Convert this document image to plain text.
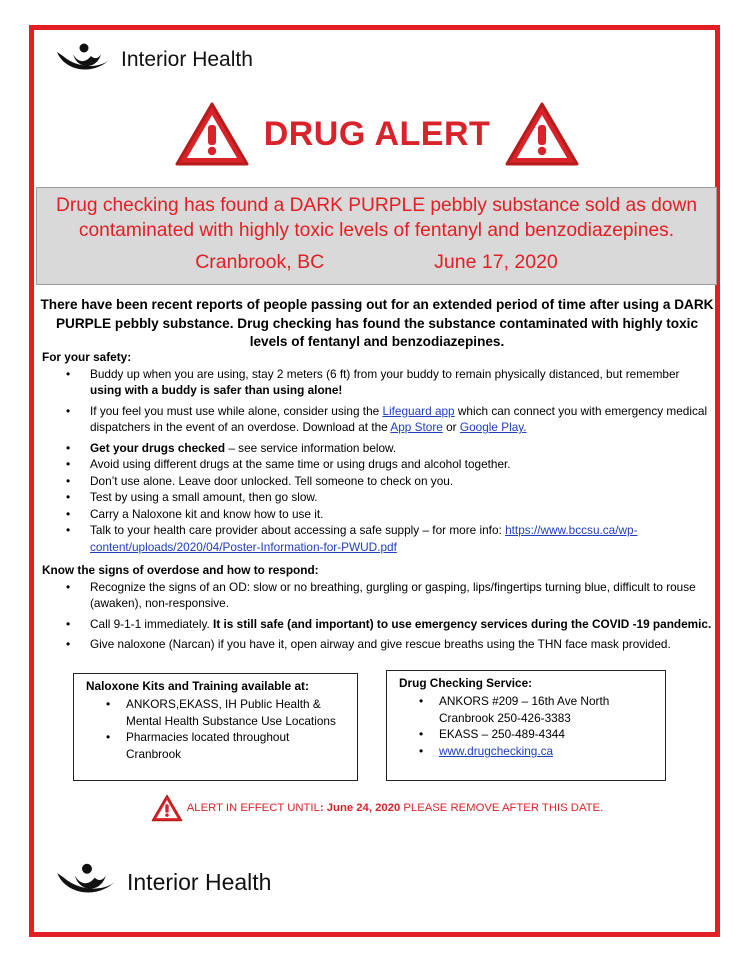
Interior Health
DRUG ALERT
Drug checking has found a DARK PURPLE pebbly substance sold as down
contaminated with highly toxic levels of fentanyl and benzodiazepines.
Cranbrook, BC	June 17, 2020
There have been recent reports of people passing out for an extended period of time after using a DARK PURPLE pebbly substance. Drug checking has found the substance contaminated with highly toxic levels of fentanyl and benzodiazepines.
For your safety:
• Buddy up when you are using, stay 2 meters (6 ft) from your buddy to remain physically distanced, but remember using with a buddy is safer than using alone!
• If you feel you must use while alone, consider using the Lifeguard app which can connect you with emergency medical dispatchers in the event of an overdose. Download at the App Store or Google Play.
• Get your drugs checked – see service information below.
• Avoid using different drugs at the same time or using drugs and alcohol together.
• Don’t use alone. Leave door unlocked. Tell someone to check on you.
• Test by using a small amount, then go slow.
• Carry a Naloxone kit and know how to use it.
• Talk to your health care provider about accessing a safe supply – for more info: https://www.bccsu.ca/wp-content/uploads/2020/04/Poster-Information-for-PWUD.pdf
Know the signs of overdose and how to respond:
• Recognize the signs of an OD: slow or no breathing, gurgling or gasping, lips/fingertips turning blue, difficult to rouse (awaken), non-responsive.
• Call 9-1-1 immediately. It is still safe (and important) to use emergency services during the COVID -19 pandemic.
• Give naloxone (Narcan) if you have it, open airway and give rescue breaths using the THN face mask provided.
Naloxone Kits and Training available at:
• ANKORS,EKASS, IH Public Health & Mental Health Substance Use Locations
• Pharmacies located throughout Cranbrook
Drug Checking Service:
• ANKORS #209 – 16th Ave North Cranbrook 250-426-3383
• EKASS – 250-489-4344
• www.drugchecking.ca
ALERT IN EFFECT UNTIL: June 24, 2020 PLEASE REMOVE AFTER THIS DATE.
Interior Health
